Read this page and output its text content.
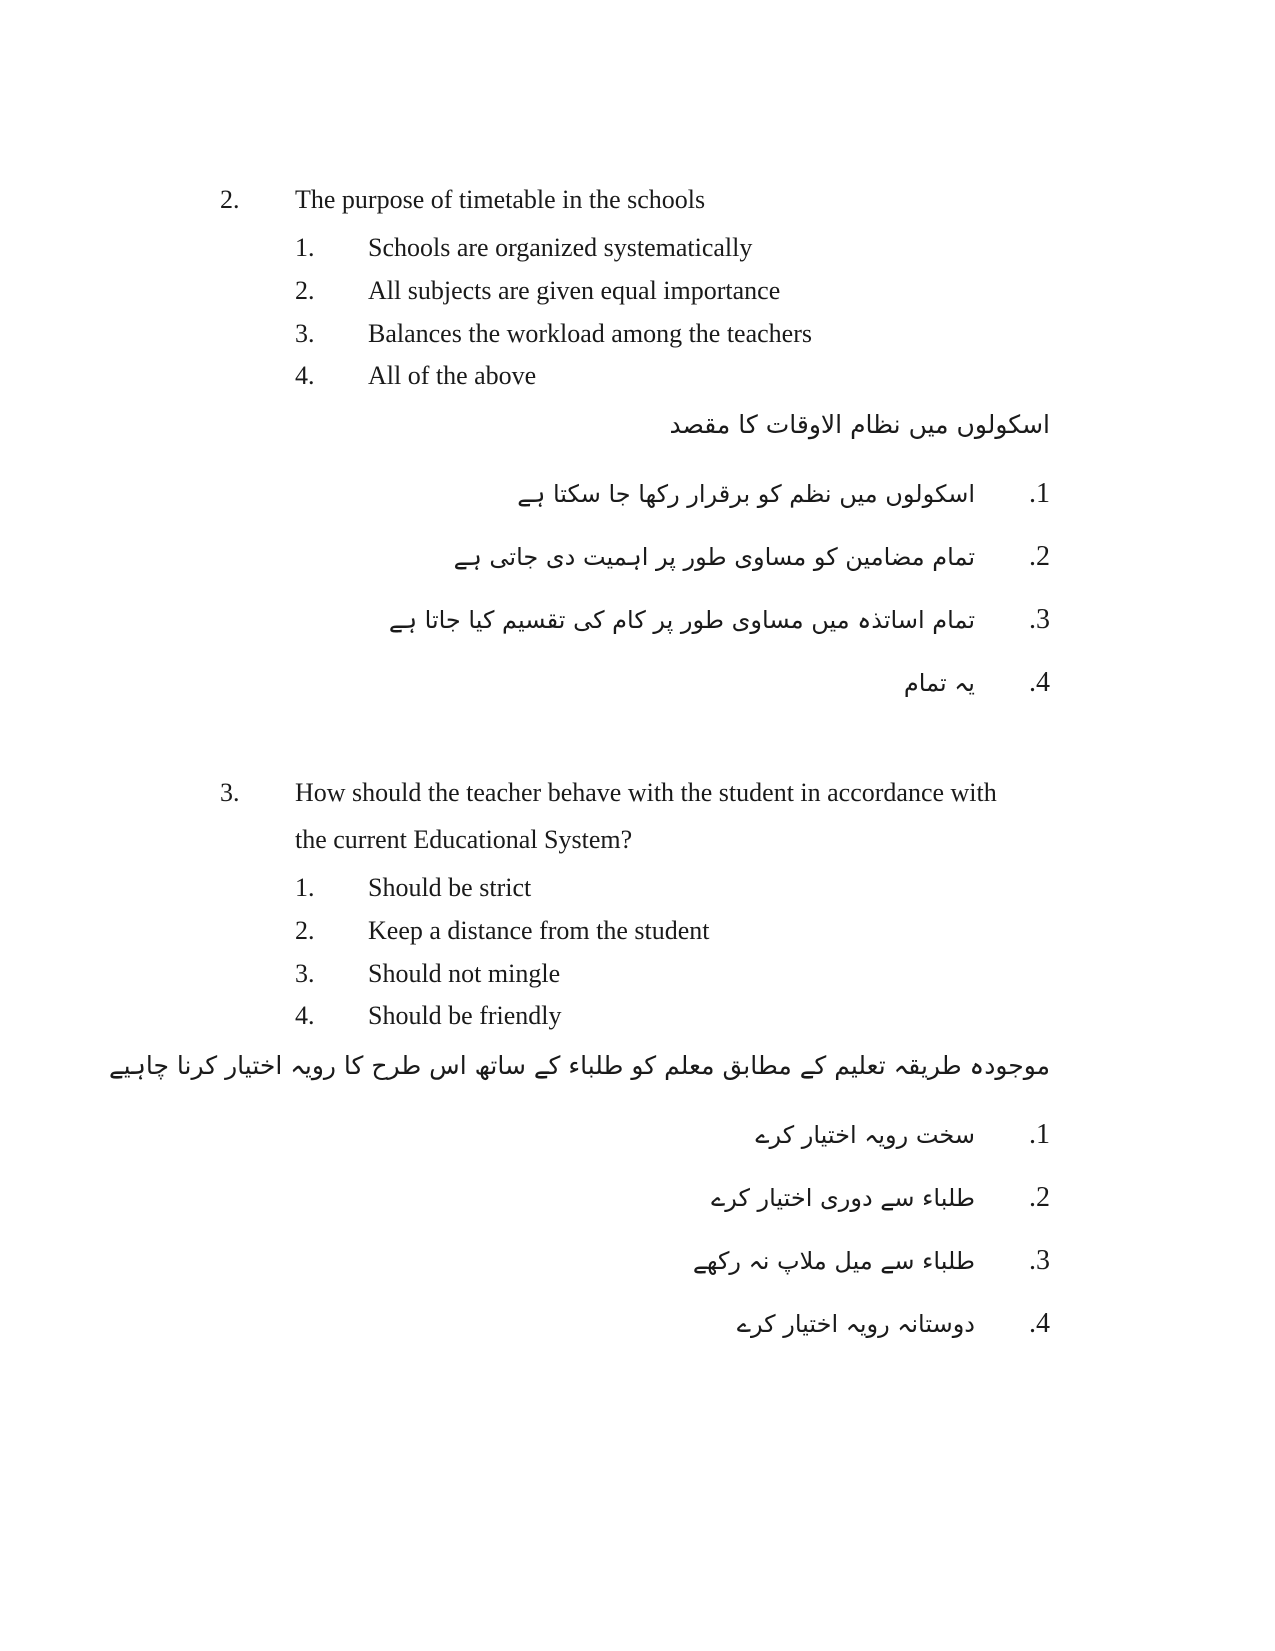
2. The purpose of timetable in the schools
1. Schools are organized systematically
2. All subjects are given equal importance
3. Balances the workload among the teachers
4. All of the above
اسکولوں میں نظام الاوقات کا مقصد
.1
اسکولوں میں نظم کو برقرار رکھا جا سکتا ہے
.2
تمام مضامین کو مساوی طور پر اہمیت دی جاتی ہے
.3
تمام اساتذہ میں مساوی طور پر کام کی تقسیم کیا جاتا ہے
.4
یہ تمام
3. How should the teacher behave with the student in accordance with
the current Educational System?
1. Should be strict
2. Keep a distance from the student
3. Should not mingle
4. Should be friendly
موجودہ طریقہ تعلیم کے مطابق معلم کو طلباء کے ساتھ اس طرح کا رویہ اختیار کرنا چاہیے
.1
سخت رویہ اختیار کرے
.2
طلباء سے دوری اختیار کرے
.3
طلباء سے میل ملاپ نہ رکھے
.4
دوستانہ رویہ اختیار کرے
